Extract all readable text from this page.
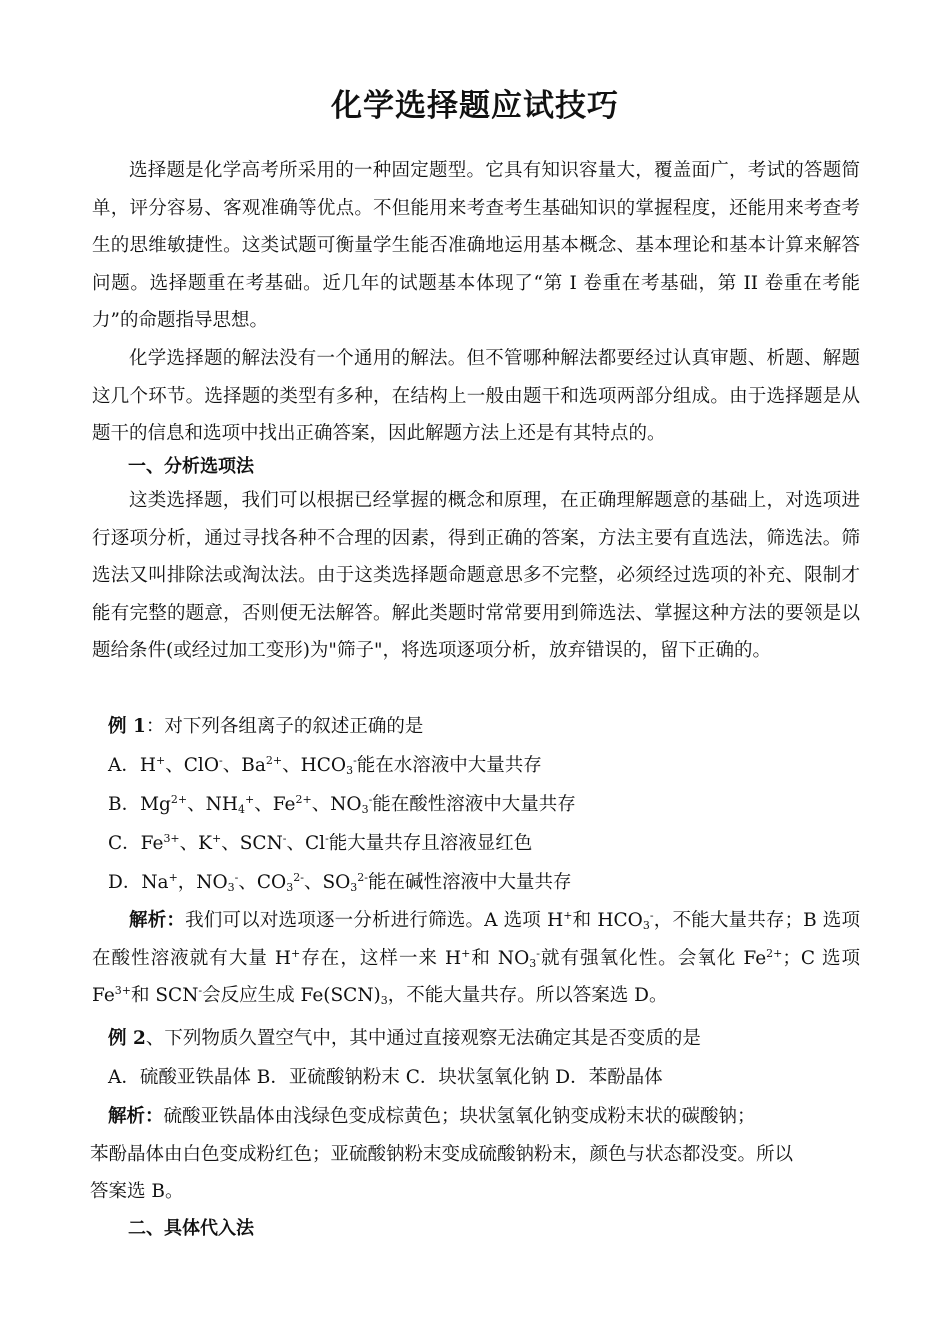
化学选择题应试技巧

选择题是化学高考所采用的一种固定题型。它具有知识容量大，覆盖面广，考试的答题简单，评分容易、客观准确等优点。不但能用来考查考生基础知识的掌握程度，还能用来考查考生的思维敏捷性。这类试题可衡量学生能否准确地运用基本概念、基本理论和基本计算来解答问题。选择题重在考基础。近几年的试题基本体现了“第 I 卷重在考基础，第 II 卷重在考能力”的命题指导思想。

化学选择题的解法没有一个通用的解法。但不管哪种解法都要经过认真审题、析题、解题这几个环节。选择题的类型有多种，在结构上一般由题干和选项两部分组成。由于选择题是从题干的信息和选项中找出正确答案，因此解题方法上还是有其特点的。

一、分析选项法

这类选择题，我们可以根据已经掌握的概念和原理，在正确理解题意的基础上，对选项进行逐项分析，通过寻找各种不合理的因素，得到正确的答案，方法主要有直选法，筛选法。筛选法又叫排除法或淘汰法。由于这类选择题命题意思多不完整，必须经过选项的补充、限制才能有完整的题意，否则便无法解答。解此类题时常常要用到筛选法、掌握这种方法的要领是以题给条件(或经过加工变形)为"筛子"，将选项逐项分析，放弃错误的，留下正确的。

例 1：对下列各组离子的叙述正确的是
A．H+、ClO-、$Ba^{2+}$、$HCO_3^-$能在水溶液中大量共存
B．$Mg^{2+}$、$NH_4^+$、$Fe^{2+}$、$NO_3^-$能在酸性溶液中大量共存
C．$Fe^{3+}$、K+、SCN-、Cl-能大量共存且溶液显红色
D．Na+，$NO_3^-$、$CO_3^{2-}$、$SO_3^{2-}$能在碱性溶液中大量共存

解析：我们可以对选项逐一分析进行筛选。A 选项 H+和 $HCO_3^-$，不能大量共存；B 选项在酸性溶液就有大量 H+存在，这样一来 H+和 $NO_3^-$就有强氧化性。会氧化 $Fe^{2+}$；C 选项 $Fe^{3+}$和 SCN-会反应生成 $Fe(SCN)_3$，不能大量共存。所以答案选 D。

例 2、下列物质久置空气中，其中通过直接观察无法确定其是否变质的是
A．硫酸亚铁晶体 B．亚硫酸钠粉末 C．块状氢氧化钠 D．苯酚晶体
解析：硫酸亚铁晶体由浅绿色变成棕黄色；块状氢氧化钠变成粉末状的碳酸钠；
苯酚晶体由白色变成粉红色；亚硫酸钠粉末变成硫酸钠粉末，颜色与状态都没变。所以
答案选 B。
二、具体代入法
